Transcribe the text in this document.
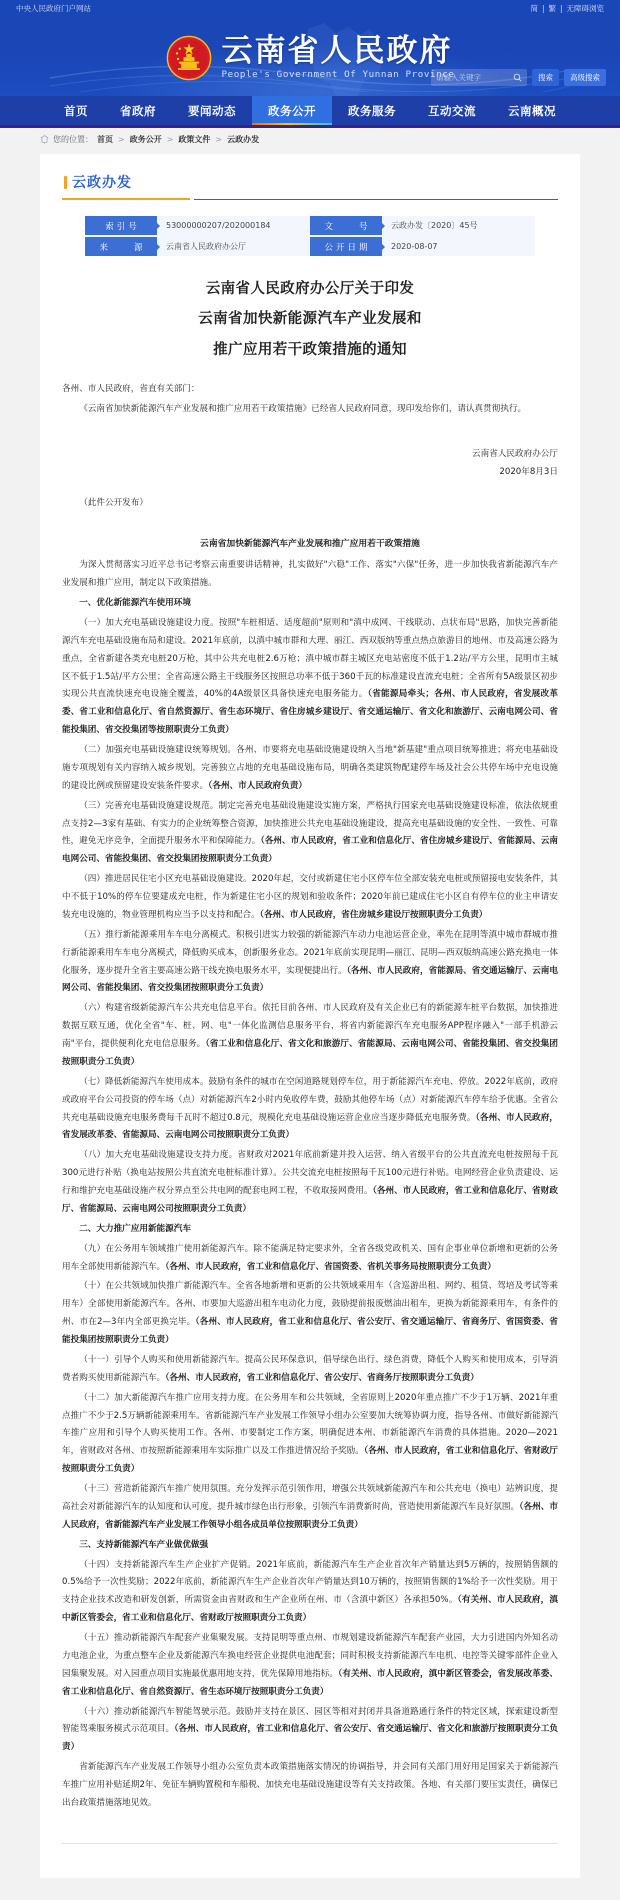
中央人民政府门户网站	简 | 繁 | 无障碍浏览
云南省人民政府
People's Government Of Yunnan Province
请输入关键字	搜索	高级搜索
首页	省政府	要闻动态	政务公开	政务服务	互动交流	云南概况
您的位置： 首页 > 政务公开 > 政策文件 > 云政办发
云政办发
索引号	53000000207/202000184	文　　号	云政办发〔2020〕45号
来　　源	云南省人民政府办公厅	公开日期	2020-08-07
云南省人民政府办公厅关于印发
云南省加快新能源汽车产业发展和
推广应用若干政策措施的通知

各州、市人民政府，省直有关部门：

《云南省加快新能源汽车产业发展和推广应用若干政策措施》已经省人民政府同意，现印发给你们，请认真贯彻执行。

云南省人民政府办公厅
2020年8月3日

（此件公开发布）

云南省加快新能源汽车产业发展和推广应用若干政策措施

为深入贯彻落实习近平总书记考察云南重要讲话精神，扎实做好"六稳"工作、落实"六保"任务，进一步加快我省新能源汽车产业发展和推广应用，制定以下政策措施。

一、优化新能源汽车使用环境

（一）加大充电基础设施建设力度。按照"车桩相适、适度超前"原则和"滇中成网、干线联动、点状布局"思路，加快完善新能源汽车充电基础设施布局和建设。2021年底前，以滇中城市群和大理、丽江、西双版纳等重点热点旅游目的地州、市及高速公路为重点，全省新建各类充电桩20万枪，其中公共充电桩2.6万枪；滇中城市群主城区充电站密度不低于1.2站/平方公里，昆明市主城区不低于1.5站/平方公里；全省高速公路主干线服务区按照总功率不低于360千瓦的标准建设直流充电桩；全省所有5A级景区初步实现公共直流快速充电设施全覆盖，40%的4A级景区具备快速充电服务能力。（省能源局牵头；各州、市人民政府，省发展改革委、省工业和信息化厅、省自然资源厅、省生态环境厅、省住房城乡建设厅、省交通运输厅、省文化和旅游厅、云南电网公司、省能投集团、省交投集团等按照职责分工负责）

（二）加强充电基础设施建设统筹规划。各州、市要将充电基础设施建设纳入当地"新基建"重点项目统筹推进；将充电基础设施专项规划有关内容纳入城乡规划，完善独立占地的充电基础设施布局，明确各类建筑物配建停车场及社会公共停车场中充电设施的建设比例或预留建设安装条件要求。（各州、市人民政府负责）

（三）完善充电基础设施建设规范。制定完善充电基础设施建设实施方案，严格执行国家充电基础设施建设标准，依法依规重点支持2—3家有基础、有实力的企业统筹整合资源，加快推进公共充电基础设施建设，提高充电基础设施的安全性、一致性、可靠性，避免无序竞争，全面提升服务水平和保障能力。（各州、市人民政府，省工业和信息化厅、省住房城乡建设厅、省能源局、云南电网公司、省能投集团、省交投集团按照职责分工负责）

（四）推进居民住宅小区充电基础设施建设。2020年起，交付或新建住宅小区停车位全部安装充电桩或预留接电安装条件，其中不低于10%的停车位要建成充电桩，作为新建住宅小区的规划和验收条件；2020年前已建成住宅小区自有停车位的业主申请安装充电设施的，物业管理机构应当予以支持和配合。（各州、市人民政府，省住房城乡建设厅按照职责分工负责）

（五）推行新能源乘用车车电分离模式。积极引进实力较强的新能源汽车动力电池运营企业，率先在昆明等滇中城市群城市推行新能源乘用车车电分离模式，降低购买成本，创新服务业态。2021年底前实现昆明—丽江、昆明—西双版纳高速公路充换电一体化服务，逐步提升全省主要高速公路干线充换电服务水平，实现便捷出行。（各州、市人民政府，省能源局、省交通运输厅、云南电网公司、省能投集团、省交投集团按照职责分工负责）

（六）构建省级新能源汽车公共充电信息平台。依托目前各州、市人民政府及有关企业已有的新能源车桩平台数据，加快推进数据互联互通，优化全省"车、桩、网、电"一体化监测信息服务平台，将省内新能源汽车充电服务APP程序融入"一部手机游云南"平台，提供便利化充电信息服务。（省工业和信息化厅、省文化和旅游厅、省能源局、云南电网公司、省能投集团、省交投集团按照职责分工负责）

（七）降低新能源汽车使用成本。鼓励有条件的城市在空闲道路规划停车位，用于新能源汽车充电、停放。2022年底前，政府或政府平台公司投资的停车场（点）对新能源汽车2小时内免收停车费，鼓励其他停车场（点）对新能源汽车停车给予优惠。全省公共充电基础设施充电服务费每千瓦时不超过0.8元，规模化充电基础设施运营企业应当逐步降低充电服务费。（各州、市人民政府，省发展改革委、省能源局、云南电网公司按照职责分工负责）

（八）加大充电基础设施建设支持力度。省财政对2021年底前新建并投入运营、纳入省级平台的公共直流充电桩按照每千瓦300元进行补贴（换电站按照公共直流充电桩标准计算）。公共交流充电桩按照每千瓦100元进行补贴。电网经营企业负责建设、运行和维护充电基础设施产权分界点至公共电网的配套电网工程，不收取接网费用。（各州、市人民政府，省工业和信息化厅、省财政厅、省能源局、云南电网公司按照职责分工负责）

二、大力推广应用新能源汽车

（九）在公务用车领域推广使用新能源汽车。除不能满足特定要求外，全省各级党政机关、国有企事业单位新增和更新的公务用车全部使用新能源汽车。（各州、市人民政府，省工业和信息化厅、省国资委、省机关事务局按照职责分工负责）

（十）在公共领域加快推广新能源汽车。全省各地新增和更新的公共领域乘用车（含巡游出租、网约、租赁、驾培及考试等乘用车）全部使用新能源汽车。各州、市要加大巡游出租车电动化力度，鼓励提前报废燃油出租车，更换为新能源乘用车，有条件的州、市在2—3年内全部更换完毕。（各州、市人民政府，省工业和信息化厅、省公安厅、省交通运输厅、省商务厅、省国资委、省能投集团按照职责分工负责）

（十一）引导个人购买和使用新能源汽车。提高公民环保意识，倡导绿色出行、绿色消费，降低个人购买和使用成本，引导消费者购买使用新能源汽车。（各州、市人民政府，省工业和信息化厅、省公安厅、省商务厅按照职责分工负责）

（十二）加大新能源汽车推广应用支持力度。在公务用车和公共领域，全省原则上2020年重点推广不少于1万辆、2021年重点推广不少于2.5万辆新能源乘用车。省新能源汽车产业发展工作领导小组办公室要加大统筹协调力度，指导各州、市做好新能源汽车推广应用和引导个人购买使用工作。各州、市要制定工作方案，明确促进本州、市新能源汽车消费的具体措施。2020—2021年，省财政对各州、市按照新能源乘用车实际推广以及工作推进情况给予奖励。（各州、市人民政府，省工业和信息化厅、省财政厅按照职责分工负责）

（十三）营造新能源汽车推广使用氛围。充分发挥示范引领作用，增强公共领域新能源汽车和公共充电（换电）站辨识度，提高社会对新能源汽车的认知度和认可度，提升城市绿色出行形象，引领汽车消费新时尚，营造使用新能源汽车良好氛围。（各州、市人民政府，省新能源汽车产业发展工作领导小组各成员单位按照职责分工负责）

三、支持新能源汽车产业做优做强

（十四）支持新能源汽车生产企业扩产促销。2021年底前，新能源汽车生产企业首次年产销量达到5万辆的，按照销售额的0.5%给予一次性奖励；2022年底前，新能源汽车生产企业首次年产销量达到10万辆的，按照销售额的1%给予一次性奖励。用于支持企业技术改造和研发创新，所需资金由省财政和生产企业所在州、市（含滇中新区）各承担50%。（有关州、市人民政府，滇中新区管委会，省工业和信息化厅、省财政厅按照职责分工负责）

（十五）推动新能源汽车配套产业集聚发展。支持昆明等重点州、市规划建设新能源汽车配套产业园，大力引进国内外知名动力电池企业，为重点整车企业及新能源汽车换电经营企业提供电池配套；同时积极支持新能源汽车电机、电控等关键零部件企业入园集聚发展。对入园重点项目实施最优惠用地支持，优先保障用地指标。（有关州、市人民政府，滇中新区管委会，省发展改革委、省工业和信息化厅、省自然资源厅、省生态环境厅按照职责分工负责）

（十六）推动新能源汽车智能驾驶示范。鼓励并支持在景区、园区等相对封闭并具备道路通行条件的特定区域，探索建设新型智能驾乘服务模式示范项目。（各州、市人民政府，省工业和信息化厅、省公安厅、省交通运输厅、省文化和旅游厅按照职责分工负责）

省新能源汽车产业发展工作领导小组办公室负责本政策措施落实情况的协调指导，并会同有关部门用好用足国家关于新能源汽车推广应用补贴延期2年、免征车辆购置税和车船税、加快充电基础设施建设等有关支持政策。各地、有关部门要压实责任，确保已出台政策措施落地见效。
